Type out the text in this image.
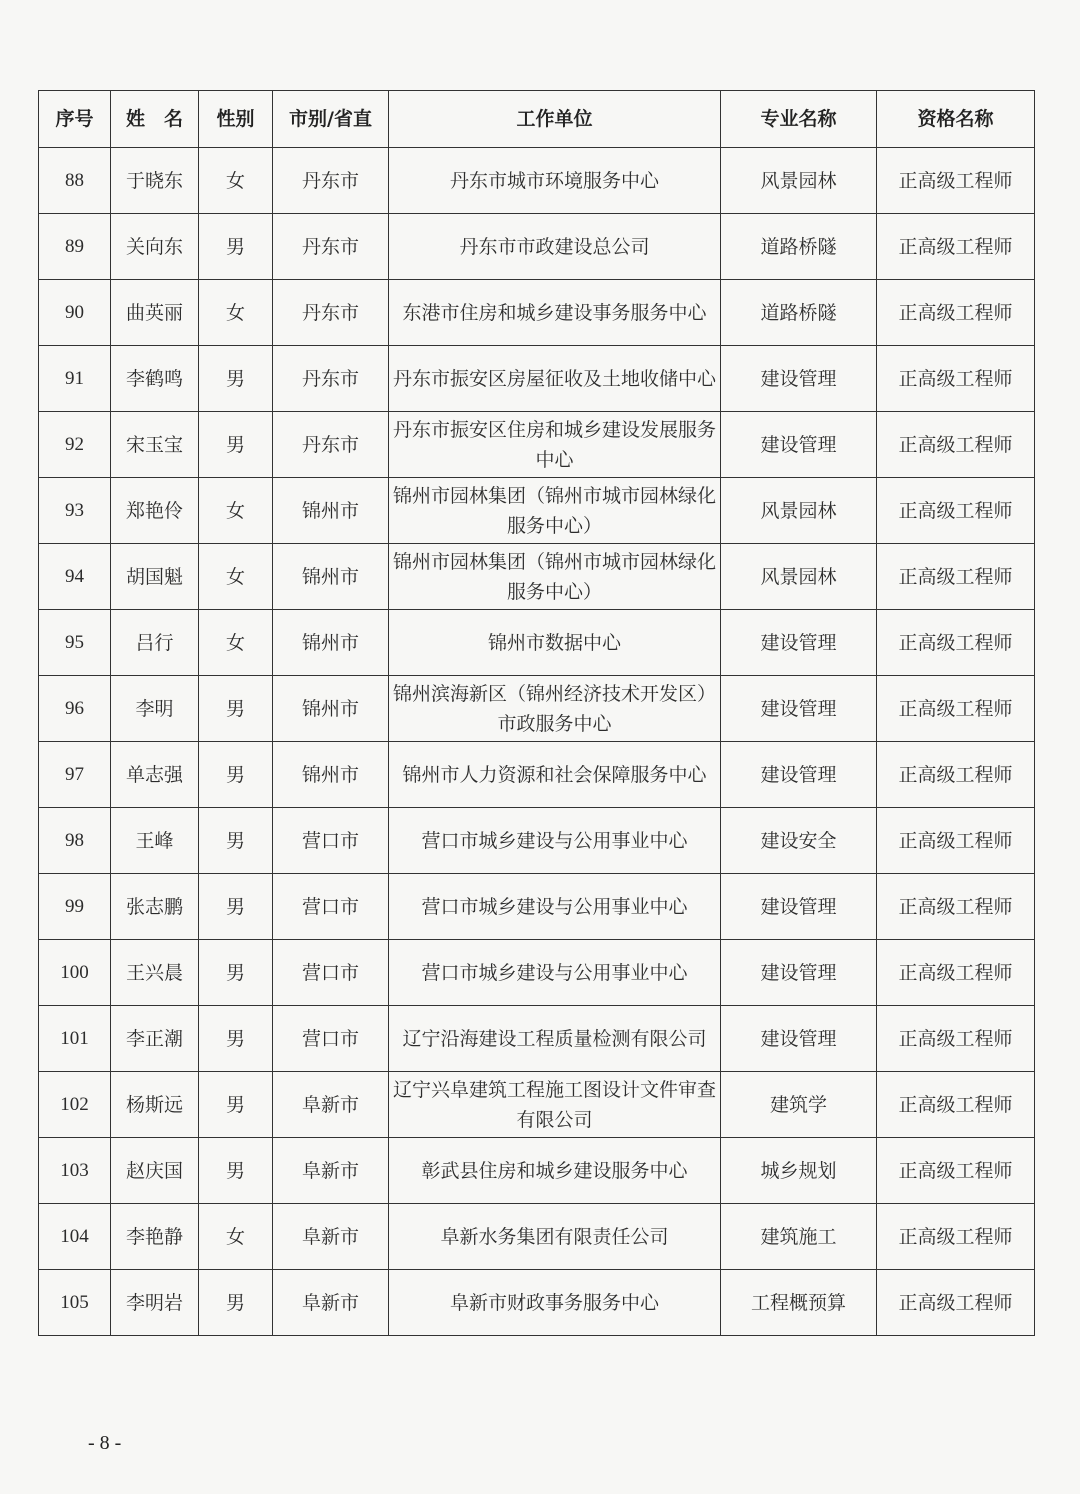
序号	姓　名	性别	市别/省直	工作单位	专业名称	资格名称
88	于晓东	女	丹东市	丹东市城市环境服务中心	风景园林	正高级工程师
89	关向东	男	丹东市	丹东市市政建设总公司	道路桥隧	正高级工程师
90	曲英丽	女	丹东市	东港市住房和城乡建设事务服务中心	道路桥隧	正高级工程师
91	李鹤鸣	男	丹东市	丹东市振安区房屋征收及土地收储中心	建设管理	正高级工程师
92	宋玉宝	男	丹东市	丹东市振安区住房和城乡建设发展服务中心	建设管理	正高级工程师
93	郑艳伶	女	锦州市	锦州市园林集团（锦州市城市园林绿化服务中心）	风景园林	正高级工程师
94	胡国魁	女	锦州市	锦州市园林集团（锦州市城市园林绿化服务中心）	风景园林	正高级工程师
95	吕行	女	锦州市	锦州市数据中心	建设管理	正高级工程师
96	李明	男	锦州市	锦州滨海新区（锦州经济技术开发区）市政服务中心	建设管理	正高级工程师
97	单志强	男	锦州市	锦州市人力资源和社会保障服务中心	建设管理	正高级工程师
98	王峰	男	营口市	营口市城乡建设与公用事业中心	建设安全	正高级工程师
99	张志鹏	男	营口市	营口市城乡建设与公用事业中心	建设管理	正高级工程师
100	王兴晨	男	营口市	营口市城乡建设与公用事业中心	建设管理	正高级工程师
101	李正潮	男	营口市	辽宁沿海建设工程质量检测有限公司	建设管理	正高级工程师
102	杨斯远	男	阜新市	辽宁兴阜建筑工程施工图设计文件审查有限公司	建筑学	正高级工程师
103	赵庆国	男	阜新市	彰武县住房和城乡建设服务中心	城乡规划	正高级工程师
104	李艳静	女	阜新市	阜新水务集团有限责任公司	建筑施工	正高级工程师
105	李明岩	男	阜新市	阜新市财政事务服务中心	工程概预算	正高级工程师
- 8 -
